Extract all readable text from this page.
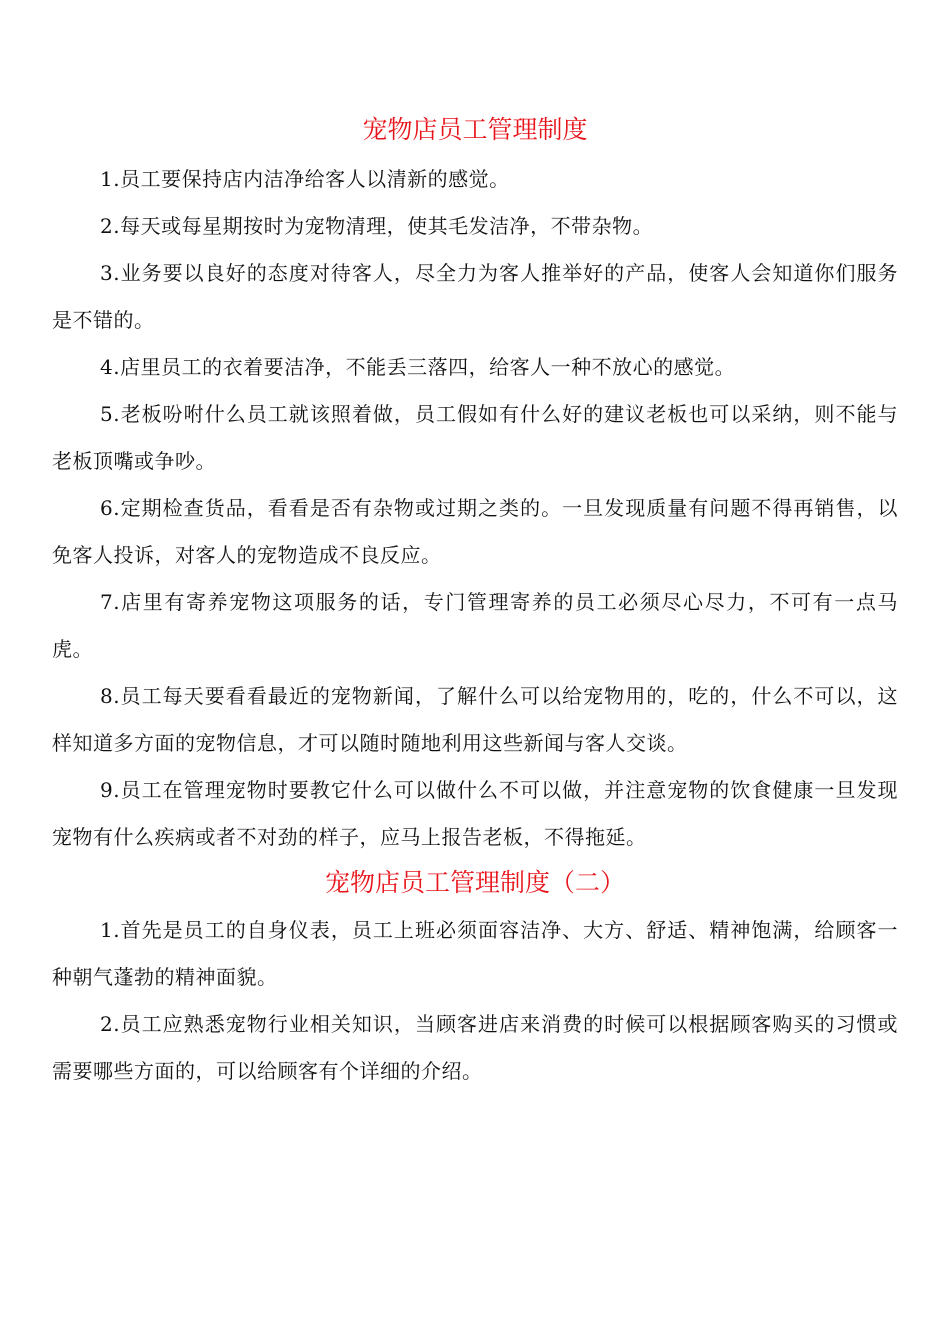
宠物店员工管理制度

1.员工要保持店内洁净给客人以清新的感觉。

2.每天或每星期按时为宠物清理，使其毛发洁净，不带杂物。

3.业务要以良好的态度对待客人，尽全力为客人推举好的产品，使客人会知道你们服务是不错的。

4.店里员工的衣着要洁净，不能丢三落四，给客人一种不放心的感觉。

5.老板吩咐什么员工就该照着做，员工假如有什么好的建议老板也可以采纳，则不能与老板顶嘴或争吵。

6.定期检查货品，看看是否有杂物或过期之类的。一旦发现质量有问题不得再销售，以免客人投诉，对客人的宠物造成不良反应。

7.店里有寄养宠物这项服务的话，专门管理寄养的员工必须尽心尽力，不可有一点马虎。

8.员工每天要看看最近的宠物新闻，了解什么可以给宠物用的，吃的，什么不可以，这样知道多方面的宠物信息，才可以随时随地利用这些新闻与客人交谈。

9.员工在管理宠物时要教它什么可以做什么不可以做，并注意宠物的饮食健康一旦发现宠物有什么疾病或者不对劲的样子，应马上报告老板，不得拖延。

宠物店员工管理制度（二）

1.首先是员工的自身仪表，员工上班必须面容洁净、大方、舒适、精神饱满，给顾客一种朝气蓬勃的精神面貌。

2.员工应熟悉宠物行业相关知识，当顾客进店来消费的时候可以根据顾客购买的习惯或需要哪些方面的，可以给顾客有个详细的介绍。
